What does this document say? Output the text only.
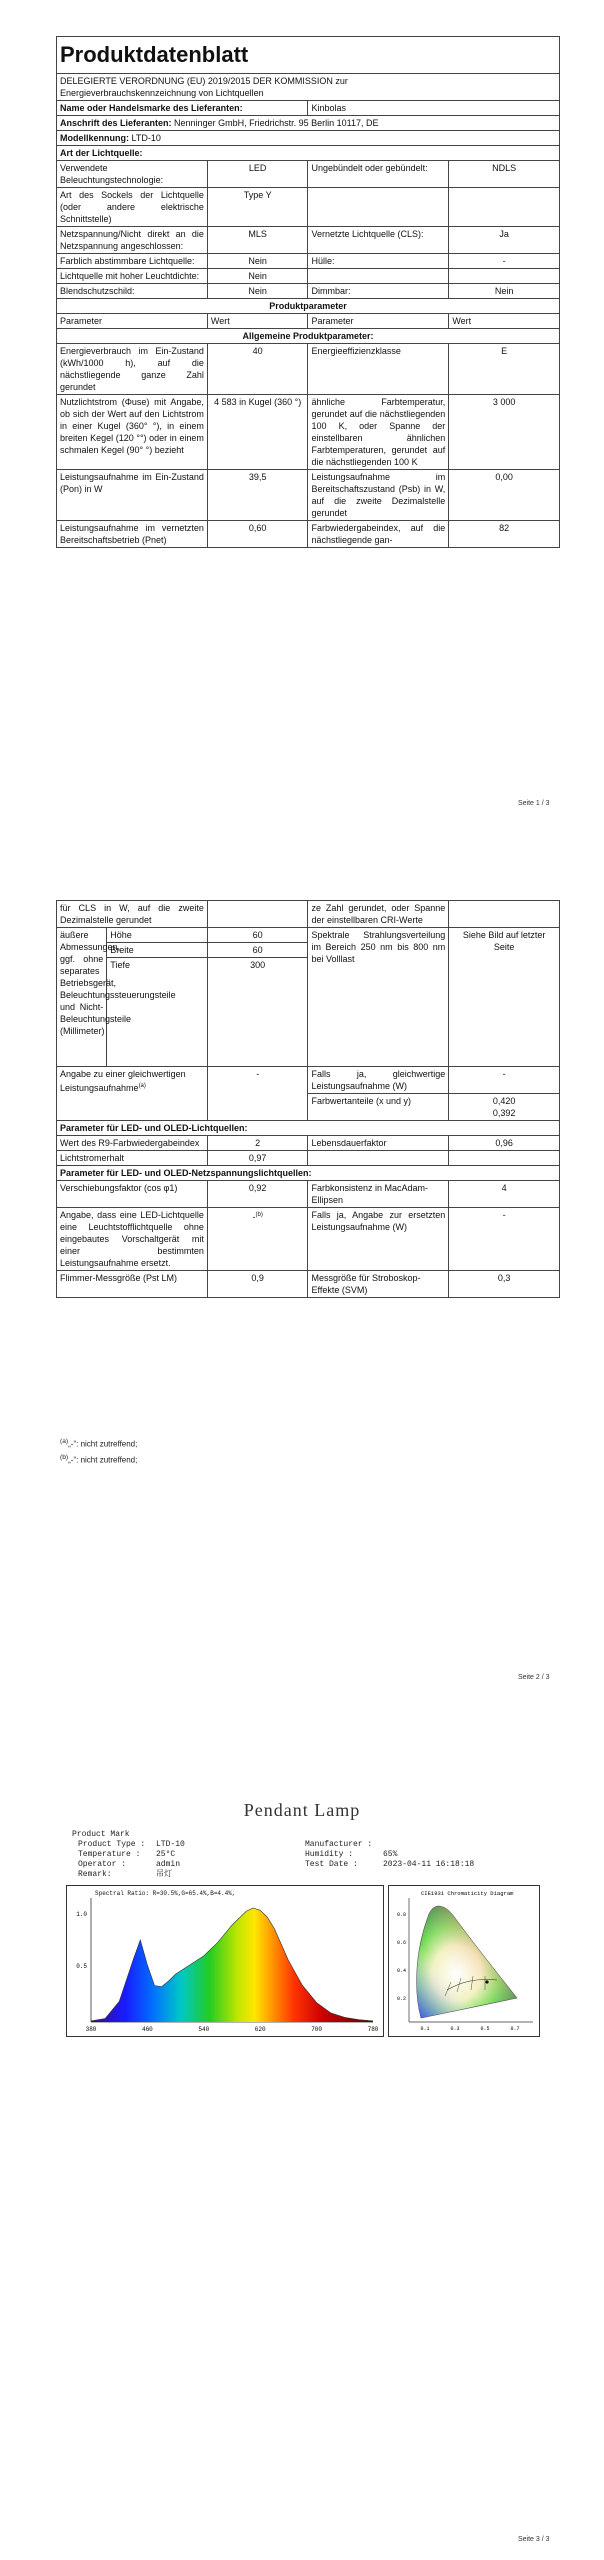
Produktdatenblatt			
DELEGIERTE VERORDNUNG (EU) 2019/2015 DER KOMMISSION zur Energieverbrauchskennzeichnung von Lichtquellen			
Name oder Handelsmarke des Lieferanten:		Kinbolas	
Anschrift des Lieferanten: Nenninger GmbH, Friedrichstr. 95 Berlin 10117, DE			
Modellkennung: LTD-10			
Art der Lichtquelle:			
Verwendete Beleuchtungstechnologie:	LED	Ungebündelt oder gebündelt:	NDLS
Art des Sockels der Lichtquelle (oder andere elektrische Schnittstelle)	Type Y		
Netzspannung/Nicht direkt an die Netzspannung angeschlossen:	MLS	Vernetzte Lichtquelle (CLS):	Ja
Farblich abstimmbare Lichtquelle:	Nein	Hülle:	-
Lichtquelle mit hoher Leuchtdichte:	Nein		
Blendschutzschild:	Nein	Dimmbar:	Nein
Produktparameter			
Parameter	Wert	Parameter	Wert
Allgemeine Produktparameter:			
Energieverbrauch im Ein-Zustand (kWh/1000 h), auf die nächstliegende ganze Zahl gerundet	40	Energieeffizienzklasse	E
Nutzlichtstrom (Φuse) mit Angabe, ob sich der Wert auf den Lichtstrom in einer Kugel (360° °), in einem breiten Kegel (120 °°) oder in einem schmalen Kegel (90° °) bezieht	4 583 in Kugel (360 °)	ähnliche Farbtemperatur, gerundet auf die nächstliegenden 100 K, oder Spanne der einstellbaren ähnlichen Farbtemperaturen, gerundet auf die nächstliegenden 100 K	3 000
Leistungsaufnahme im Ein-Zustand (Pon) in W	39,5	Leistungsaufnahme im Bereitschaftszustand (Psb) in W, auf die zweite Dezimalstelle gerundet	0,00
Leistungsaufnahme im vernetzten Bereitschaftsbetrieb (Pnet)	0,60	Farbwiedergabeindex, auf die nächstliegende gan-	82
Seite 1 / 3
für CLS in W, auf die zweite Dezimalstelle gerundet			ze Zahl gerundet, oder Spanne der einstellbaren CRI-Werte	
äußere Abmessungen, ggf. ohne separates Betriebsgerät, Beleuchtungssteuerungsteile und Nicht-Beleuchtungsteile (Millimeter)	Höhe	60	Spektrale Strahlungsverteilung im Bereich 250 nm bis 800 nm bei Volllast	Siehe Bild auf letzter Seite
	Breite	60		
	Tiefe	300		
Angabe zu einer gleichwertigen Leistungsaufnahme$^{(a)}$		-	Falls ja, gleichwertige Leistungsaufnahme (W)	-
			Farbwertanteile (x und y)	0,420
0,392

Parameter für LED- und OLED-Lichtquellen:				
Wert des R9-Farbwiedergabeindex		2	Lebensdauerfaktor	0,96
Lichtstromerhalt		0,97		
Parameter für LED- und OLED-Netzspannungslichtquellen:				
Verschiebungsfaktor (cos φ1)		0,92	Farbkonsistenz in MacAdam-Ellipsen	4
Angabe, dass eine LED-Lichtquelle eine Leuchtstofflichtquelle ohne eingebautes Vorschaltgerät mit einer bestimmten Leistungsaufnahme ersetzt.		-$^{(b)}$	Falls ja, Angabe zur ersetzten Leistungsaufnahme (W)	-
Flimmer-Messgröße (Pst LM)		0,9	Messgröße für Stroboskop-Effekte (SVM)	0,3
$^{(a)}$„-“: nicht zutreffend;
$^{(b)}$„-“: nicht zutreffend;
Seite 2 / 3
Pendant Lamp
Product Mark
Product Type :	LTD-10
Temperature :	25°C
Operator :	admin
Remark:	吊灯
Manufacturer :
Humidity :	65%
Test Date :	2023-04-11 16:18:18
Spectral Ratio: R=30.5%,G=65.4%,B=4.4%,
380	460	540	620	700	780
1.0
0.5
CIE1931 Chromaticity Diagram
0.8
0.6
0.4
0.2
0.1	0.3	0.5	0.7
Seite 3 / 3
